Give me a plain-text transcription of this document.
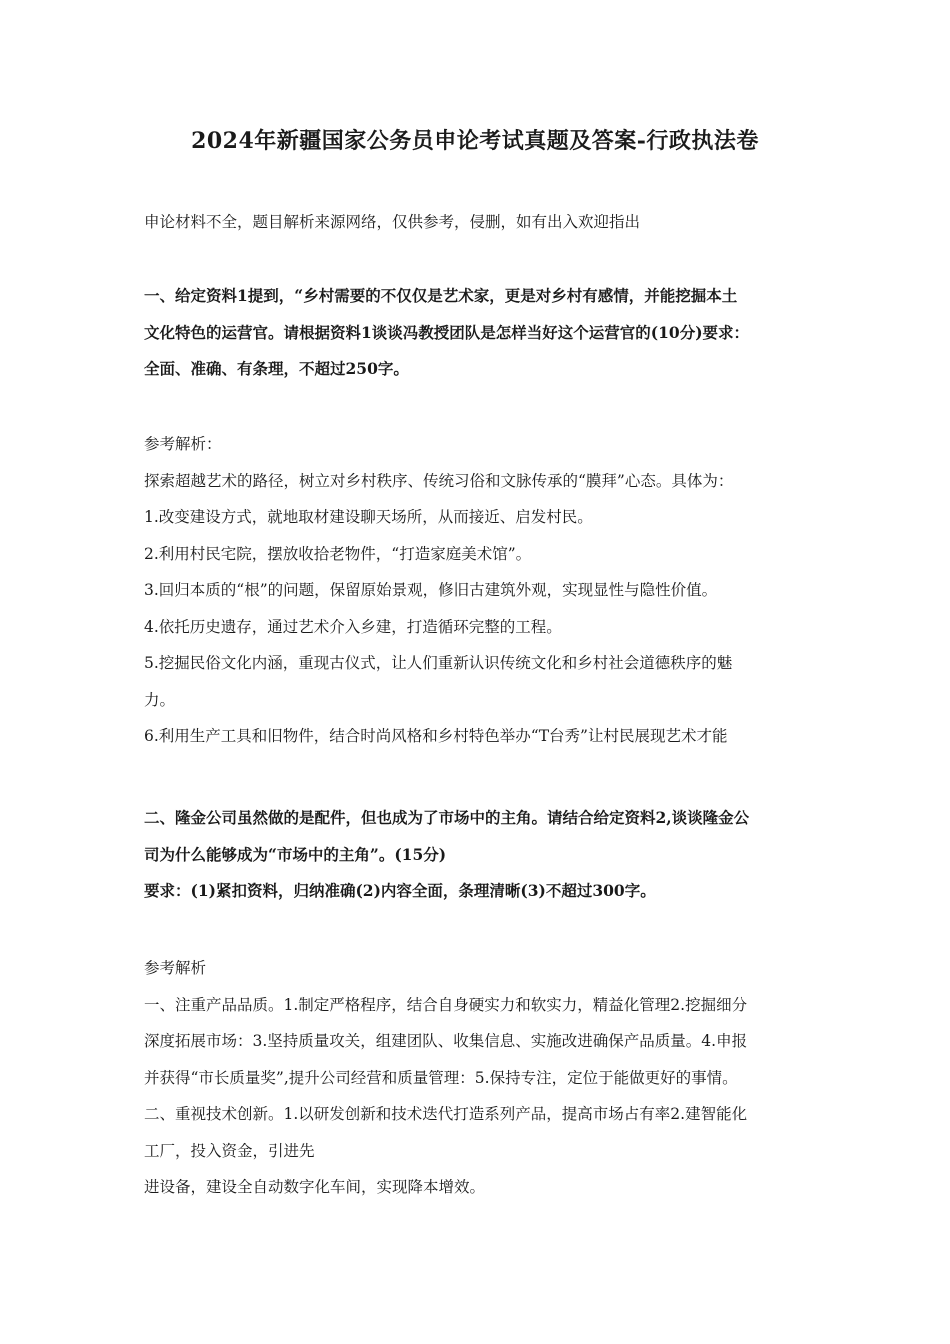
2024年新疆国家公务员申论考试真题及答案-行政执法卷

申论材料不全，题目解析来源网络，仅供参考，侵删，如有出入欢迎指出

一、给定资料1提到，“乡村需要的不仅仅是艺术家，更是对乡村有感情，并能挖掘本土
文化特色的运营官。请根据资料1谈谈冯教授团队是怎样当好这个运营官的(10分)要求：
全面、准确、有条理，不超过250字。

参考解析：
探索超越艺术的路径，树立对乡村秩序、传统习俗和文脉传承的“膜拜”心态。具体为：
1.改变建设方式，就地取材建设聊天场所，从而接近、启发村民。
2.利用村民宅院，摆放收拾老物件，“打造家庭美术馆”。
3.回归本质的“根”的问题，保留原始景观，修旧古建筑外观，实现显性与隐性价值。
4.依托历史遗存，通过艺术介入乡建，打造循环完整的工程。
5.挖掘民俗文化内涵，重现古仪式，让人们重新认识传统文化和乡村社会道德秩序的魅
力。
6.利用生产工具和旧物件，结合时尚风格和乡村特色举办“T台秀”让村民展现艺术才能

二、隆金公司虽然做的是配件，但也成为了市场中的主角。请结合给定资料2,谈谈隆金公
司为什么能够成为“市场中的主角”。(15分)
要求：(1)紧扣资料，归纳准确(2)内容全面，条理清晰(3)不超过300字。

参考解析
一、注重产品品质。1.制定严格程序，结合自身硬实力和软实力，精益化管理2.挖掘细分
深度拓展市场：3.坚持质量攻关，组建团队、收集信息、实施改进确保产品质量。4.申报
并获得“市长质量奖”,提升公司经营和质量管理：5.保持专注，定位于能做更好的事情。
二、重视技术创新。1.以研发创新和技术迭代打造系列产品，提高市场占有率2.建智能化
工厂，投入资金，引进先
进设备，建设全自动数字化车间，实现降本增效。
